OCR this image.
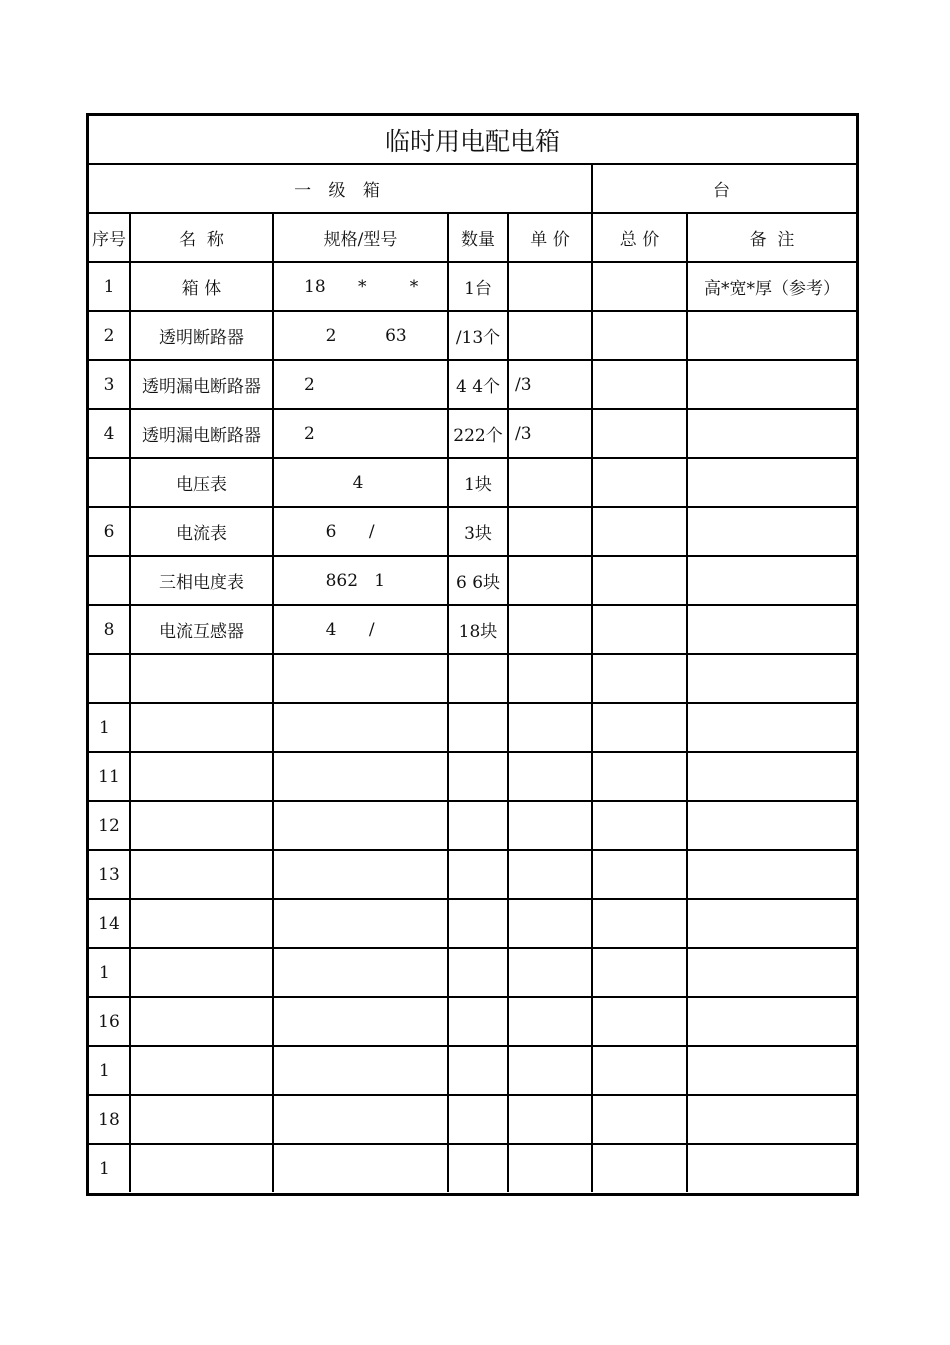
临时用电配电箱						
一 级 箱					台	
序号	名  称	规格/型号	数量	单 价	总 价	备  注
1	箱 体	18      *        *	1台			高*宽*厚（参考）
2	透明断路器	2         63	/13个			
3	透明漏电断路器	2	4 4个	/3		
4	透明漏电断路器	2	222个	/3		
	电压表	4	1块			
6	电流表	6      /	3块			
	三相电度表	862   1	6 6块			
8	电流互感器	4      /	18块			

1						
11						
12						
13						
14						
1						
16						
1						
18						
1						
